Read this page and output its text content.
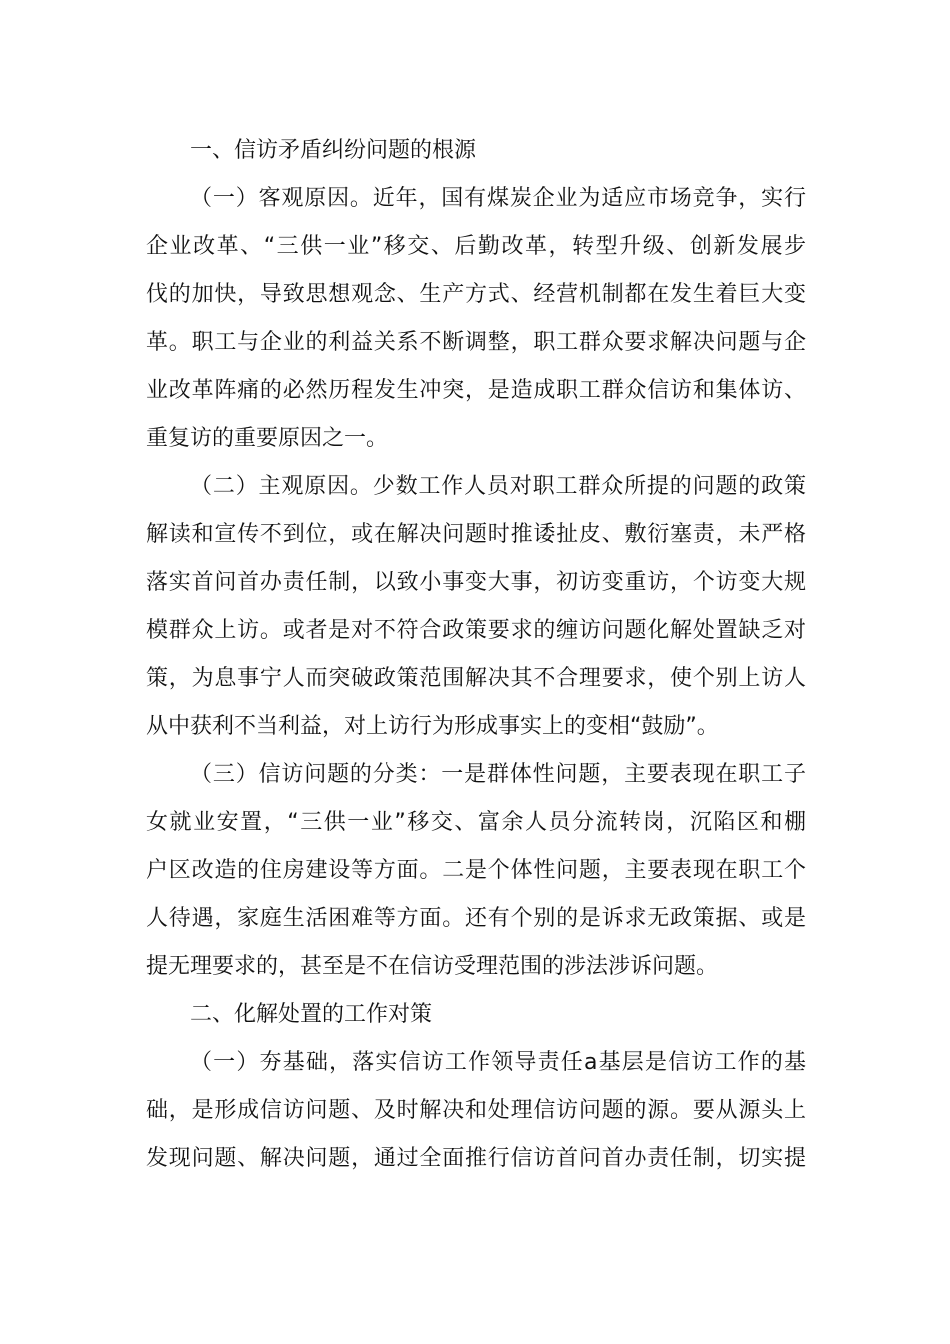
一、信访矛盾纠纷问题的根源
（一）客观原因。近年，国有煤炭企业为适应市场竞争，实行
企业改革、“三供一业”移交、后勤改革，转型升级、创新发展步
伐的加快，导致思想观念、生产方式、经营机制都在发生着巨大变
革。职工与企业的利益关系不断调整，职工群众要求解决问题与企
业改革阵痛的必然历程发生冲突，是造成职工群众信访和集体访、
重复访的重要原因之一。
（二）主观原因。少数工作人员对职工群众所提的问题的政策
解读和宣传不到位，或在解决问题时推诿扯皮、敷衍塞责，未严格
落实首问首办责任制，以致小事变大事，初访变重访，个访变大规
模群众上访。或者是对不符合政策要求的缠访问题化解处置缺乏对
策，为息事宁人而突破政策范围解决其不合理要求，使个别上访人
从中获利不当利益，对上访行为形成事实上的变相“鼓励”。
（三）信访问题的分类：一是群体性问题，主要表现在职工子
女就业安置，“三供一业”移交、富余人员分流转岗，沉陷区和棚
户区改造的住房建设等方面。二是个体性问题，主要表现在职工个
人待遇，家庭生活困难等方面。还有个别的是诉求无政策据、或是
提无理要求的，甚至是不在信访受理范围的涉法涉诉问题。
二、化解处置的工作对策
（一）夯基础，落实信访工作领导责任a基层是信访工作的基
础，是形成信访问题、及时解决和处理信访问题的源。要从源头上
发现问题、解决问题，通过全面推行信访首问首办责任制，切实提
